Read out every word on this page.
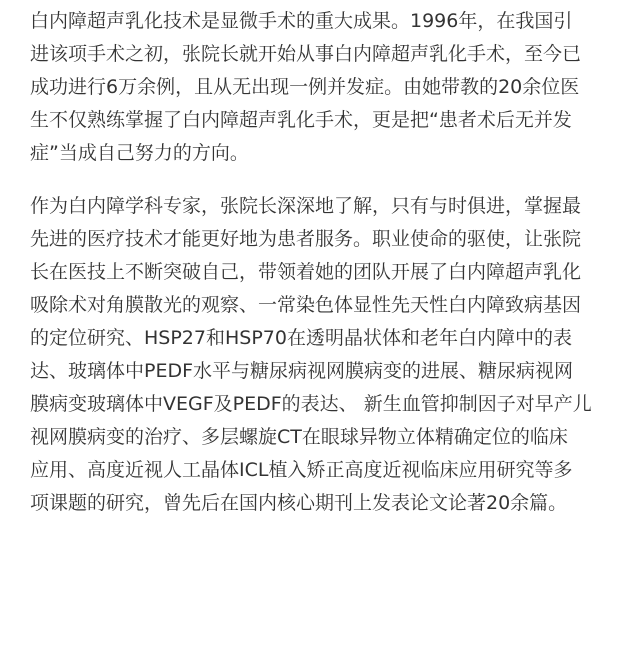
白内障超声乳化技术是显微手术的重大成果。1996年，在我国引
进该项手术之初，张院长就开始从事白内障超声乳化手术，至今已
成功进行6万余例，且从无出现一例并发症。由她带教的20余位医
生不仅熟练掌握了白内障超声乳化手术，更是把“患者术后无并发
症”当成自己努力的方向。

作为白内障学科专家，张院长深深地了解，只有与时俱进，掌握最
先进的医疗技术才能更好地为患者服务。职业使命的驱使，让张院
长在医技上不断突破自己，带领着她的团队开展了白内障超声乳化
吸除术对角膜散光的观察、一常染色体显性先天性白内障致病基因
的定位研究、HSP27和HSP70在透明晶状体和老年白内障中的表
达、玻璃体中PEDF水平与糖尿病视网膜病变的进展、糖尿病视网
膜病变玻璃体中VEGF及PEDF的表达、 新生血管抑制因子对早产儿
视网膜病变的治疗、多层螺旋CT在眼球异物立体精确定位的临床
应用、高度近视人工晶体ICL植入矫正高度近视临床应用研究等多
项课题的研究，曾先后在国内核心期刊上发表论文论著20余篇。
